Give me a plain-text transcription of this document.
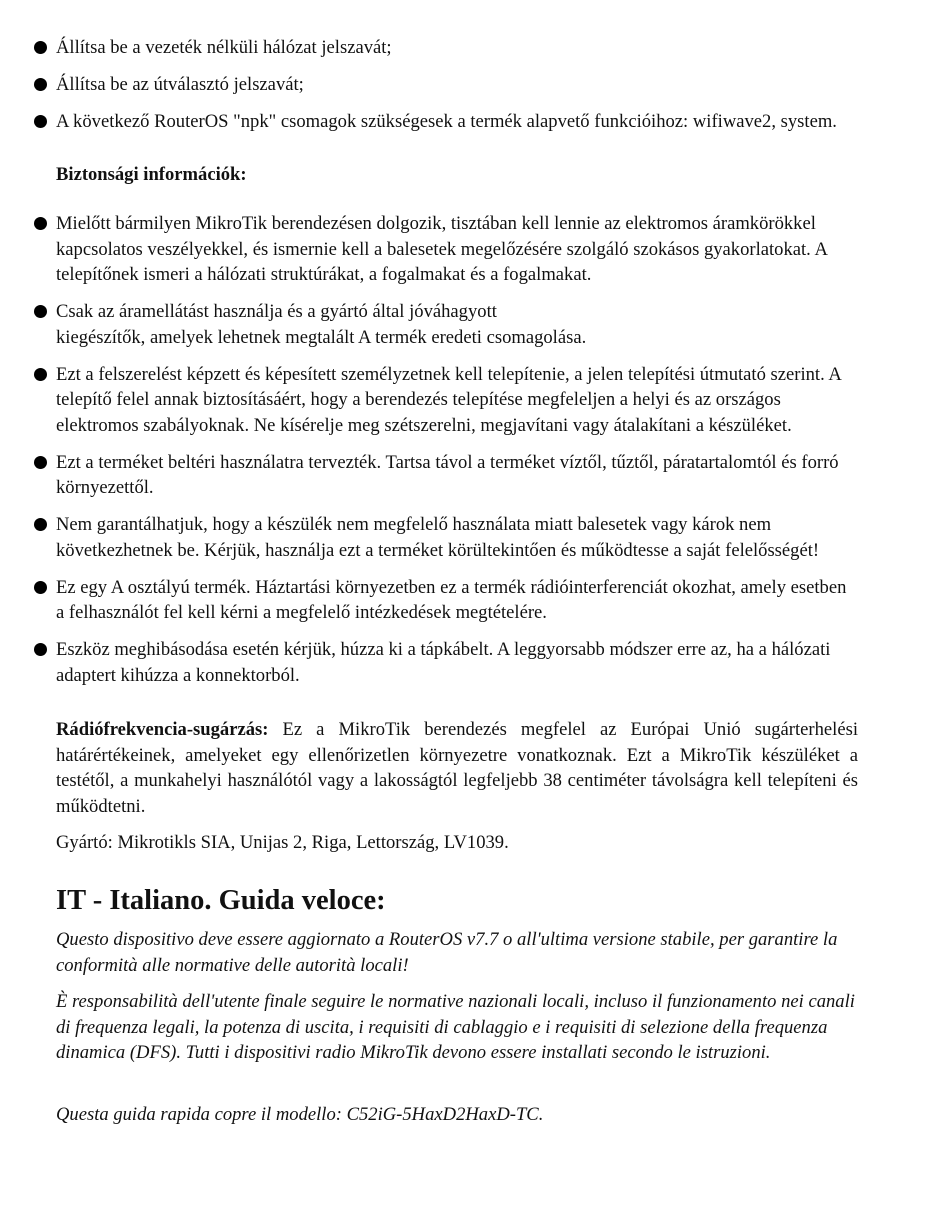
Állítsa be a vezeték nélküli hálózat jelszavát;
Állítsa be az útválasztó jelszavát;
A következő RouterOS "npk" csomagok szükségesek a termék alapvető funkcióihoz: wifiwave2, system.
Biztonsági információk:
Mielőtt bármilyen MikroTik berendezésen dolgozik, tisztában kell lennie az elektromos áramkörökkel kapcsolatos veszélyekkel, és ismernie kell a balesetek megelőzésére szolgáló szokásos gyakorlatokat. A telepítőnek ismeri a hálózati struktúrákat, a fogalmakat és a fogalmakat.
Csak az áramellátást használja és a gyártó által jóváhagyott
kiegészítők, amelyek lehetnek megtalált A termék eredeti csomagolása.
Ezt a felszerelést képzett és képesített személyzetnek kell telepítenie, a jelen telepítési útmutató szerint. A telepítő felel annak biztosításáért, hogy a berendezés telepítése megfeleljen a helyi és az országos elektromos szabályoknak. Ne kísérelje meg szétszerelni, megjavítani vagy átalakítani a készüléket.
Ezt a terméket beltéri használatra tervezték. Tartsa távol a terméket víztől, tűztől, páratartalomtól és forró környezettől.
Nem garantálhatjuk, hogy a készülék nem megfelelő használata miatt balesetek vagy károk nem következhetnek be. Kérjük, használja ezt a terméket körültekintően és működtesse a saját felelősségét!
Ez egy A osztályú termék. Háztartási környezetben ez a termék rádióinterferenciát okozhat, amely esetben a felhasználót fel kell kérni a megfelelő intézkedések megtételére.
Eszköz meghibásodása esetén kérjük, húzza ki a tápkábelt. A leggyorsabb módszer erre az, ha a hálózati adaptert kihúzza a konnektorból.
Rádiófrekvencia-sugárzás: Ez a MikroTik berendezés megfelel az Európai Unió sugárterhelési határértékeinek, amelyeket egy ellenőrizetlen környezetre vonatkoznak. Ezt a MikroTik készüléket a testétől, a munkahelyi használótól vagy a lakosságtól legfeljebb 38 centiméter távolságra kell telepíteni és működtetni.
Gyártó: Mikrotikls SIA, Unijas 2, Riga, Lettország, LV1039.
IT - Italiano. Guida veloce:
Questo dispositivo deve essere aggiornato a RouterOS v7.7 o all'ultima versione stabile, per garantire la conformità alle normative delle autorità locali!
È responsabilità dell'utente finale seguire le normative nazionali locali, incluso il funzionamento nei canali di frequenza legali, la potenza di uscita, i requisiti di cablaggio e i requisiti di selezione della frequenza dinamica (DFS). Tutti i dispositivi radio MikroTik devono essere installati secondo le istruzioni.
Questa guida rapida copre il modello: C52iG-5HaxD2HaxD-TC.
